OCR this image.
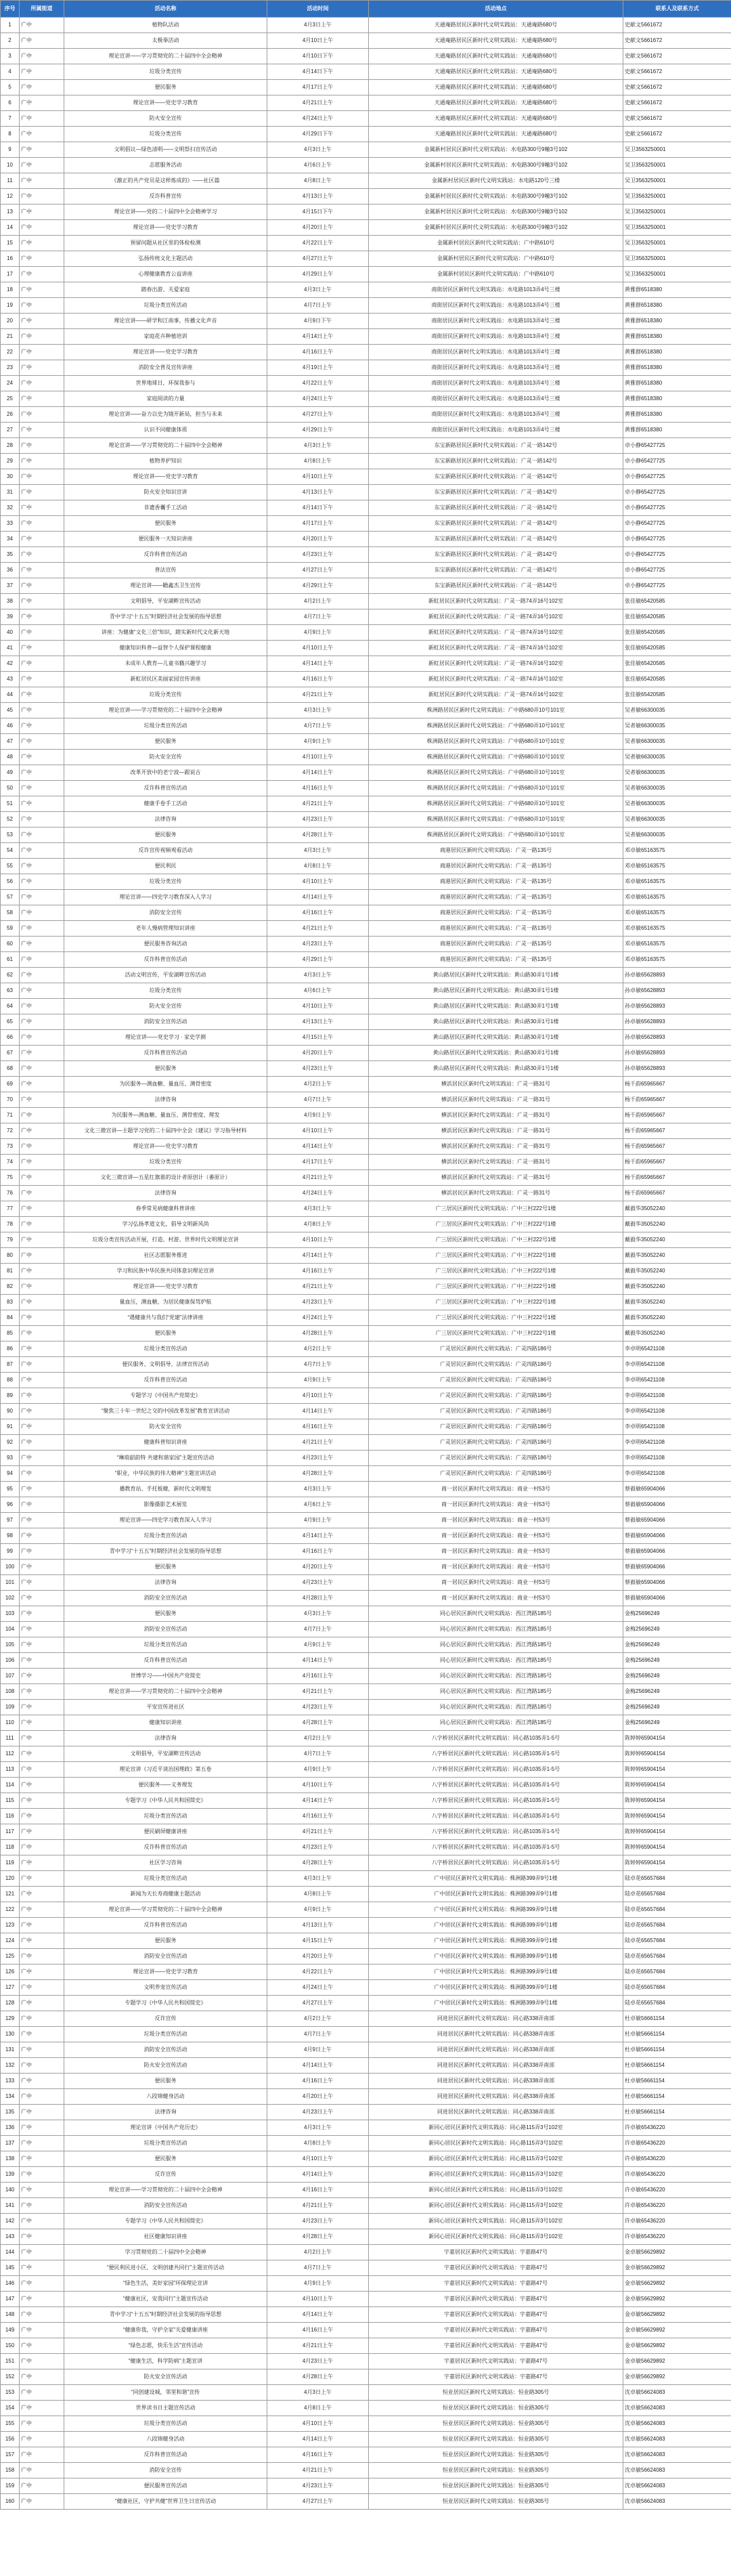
序号	所属街道	活动名称	活动时间	活动地点	联系人及联系方式
1	广中	植物队活动	4月3日上午	天通庵路居民区新时代文明实践站：天通庵路680号	史献文5661672
2	广中	太极拳活动	4月10日上午	天通庵路居民区新时代文明实践站：天通庵路680号	史献文5661672
3	广中	理论宣讲——学习贯彻党的二十届四中全会精神	4月10日下午	天通庵路居民区新时代文明实践站：天通庵路680号	史献文5661672
4	广中	垃圾分类宣传	4月14日下午	天通庵路居民区新时代文明实践站：天通庵路680号	史献文5661672
5	广中	便民服务	4月17日上午	天通庵路居民区新时代文明实践站：天通庵路680号	史献文5661672
6	广中	理论宣讲——党史学习教育	4月21日上午	天通庵路居民区新时代文明实践站：天通庵路680号	史献文5661672
7	广中	防火安全宣传	4月24日上午	天通庵路居民区新时代文明实践站：天通庵路680号	史献文5661672
8	广中	垃圾分类宣传	4月29日下午	天通庵路居民区新时代文明实践站：天通庵路680号	史献文5661672
9	广中	文明倡议—绿色清明——文明祭扫宣传活动	4月3日上午	金属新村居民区新时代文明实践站：水电路300号9幢3号102	吴卫3563250001
10	广中	志愿服务活动	4月6日上午	金属新村居民区新时代文明实践站：水电路300号9幢3号102	吴卫3563250001
11	广中	《激正的共产党员是这样炼成的》——社区篇	4月8日上午	金属新村居民区新时代文明实践站：水电路120号三楼	吴卫3563250001
12	广中	反诈科普宣传	4月13日上午	金属新村居民区新时代文明实践站：水电路300号9幢3号102	吴卫3563250001
13	广中	理论宣讲——党的二十届四中全会精神学习	4月15日下午	金属新村居民区新时代文明实践站：水电路300号9幢3号102	吴卫3563250001
14	广中	理论宣讲——党史学习教育	4月20日上午	金属新村居民区新时代文明实践站：水电路300号9幢3号102	吴卫3563250001
15	广中	预留问题从社区里的体检检测	4月22日上午	金属新村居民区新时代文明实践站：广中路610号	吴卫3563250001
16	广中	弘扬传统文化主题活动	4月27日上午	金属新村居民区新时代文明实践站：广中路610号	吴卫3563250001
17	广中	心理健康教育公益讲座	4月29日上午	金属新村居民区新时代文明实践站：广中路610号	吴卫3563250001
18	广中	踏春出游、关爱家庭	4月3日上午	商街居民区新时代文明实践站：水电路1013弄4号三楼	黄雅群6518380
19	广中	垃圾分类宣传活动	4月7日上午	商街居民区新时代文明实践站：水电路1013弄4号三楼	黄雅群6518380
20	广中	理论宣讲——研学和江南事，传播文化声音	4月9日下午	商街居民区新时代文明实践站：水电路1013弄4号三楼	黄雅群6518380
21	广中	家庭花卉种植培训	4月14日上午	商街居民区新时代文明实践站：水电路1013弄4号三楼	黄雅群6518380
22	广中	理论宣讲——党史学习教育	4月16日上午	商街居民区新时代文明实践站：水电路1013弄4号三楼	黄雅群6518380
23	广中	消防安全普及宣传讲座	4月19日上午	商街居民区新时代文明实践站：水电路1013弄4号三楼	黄雅群6518380
24	广中	世界地球日，环保我参与	4月22日上午	商街居民区新时代文明实践站：水电路1013弄4号三楼	黄雅群6518380
25	广中	家庭阅读的力量	4月24日上午	商街居民区新时代文明实践站：水电路1013弄4号三楼	黄雅群6518380
26	广中	理论宣讲——奋力以史为镜开新局，担当与未来	4月27日上午	商街居民区新时代文明实践站：水电路1013弄4号三楼	黄雅群6518380
27	广中	认识不同健康体质	4月29日上午	商街居民区新时代文明实践站：水电路1013弄4号三楼	黄雅群6518380
28	广中	理论宣讲——学习贯彻党的二十届四中全会精神	4月3日上午	东宝新路居民区新时代文明实践站：广灵一路142号	卓小静65427725
29	广中	植物养护知识	4月8日上午	东宝新路居民区新时代文明实践站：广灵一路142号	卓小静65427725
30	广中	理论宣讲——党史学习教育	4月10日上午	东宝新路居民区新时代文明实践站：广灵一路142号	卓小静65427725
31	广中	防火安全知识宣讲	4月13日上午	东宝新路居民区新时代文明实践站：广灵一路142号	卓小静65427725
32	广中	非遗香囊手工活动	4月14日下午	东宝新路居民区新时代文明实践站：广灵一路142号	卓小静65427725
33	广中	便民服务	4月17日上午	东宝新路居民区新时代文明实践站：广灵一路142号	卓小静65427725
34	广中	便民服务一天知识讲座	4月20日上午	东宝新路居民区新时代文明实践站：广灵一路142号	卓小静65427725
35	广中	反诈科普宣传活动	4月23日上午	东宝新路居民区新时代文明实践站：广灵一路142号	卓小静65427725
36	广中	普法宣传	4月27日上午	东宝新路居民区新时代文明实践站：广灵一路142号	卓小静65427725
37	广中	理论宣讲——瞻鑫杰卫生宣传	4月29日上午	东宝新路居民区新时代文明实践站：广灵一路142号	卓小静65427725
38	广中	文明倡导，平安湖畔宣传活动	4月2日上午	新虹居民区新时代文明实践站：广灵一路74弄16号102室	张佳敏65420585
39	广中	青中学习“十五五”时期经济社会发展的指导思想	4月7日上午	新虹居民区新时代文明实践站：广灵一路74弄16号102室	张佳敏65420585
40	广中	讲座：为健康“文化三倍”知识，踏实新时代文化新天地	4月9日上午	新虹居民区新时代文明实践站：广灵一路74弄16号102室	张佳敏65420585
41	广中	健康知识科普—益智个人保护课程健康	4月10日上午	新虹居民区新时代文明实践站：广灵一路74弄16号102室	张佳敏65420585
42	广中	未成年人教育—儿童书籍兴趣学习	4月14日上午	新虹居民区新时代文明实践站：广灵一路74弄16号102室	张佳敏65420585
43	广中	新虹居民区美丽家园宣传讲座	4月16日上午	新虹居民区新时代文明实践站：广灵一路74弄16号102室	张佳敏65420585
44	广中	垃圾分类宣传	4月21日上午	新虹居民区新时代文明实践站：广灵一路74弄16号102室	张佳敏65420585
45	广中	理论宣讲——学习贯彻党的二十届四中全会精神	4月3日上午	株洲路居民区新时代文明实践站：广中路680弄10号101室	吴者敏66300035
46	广中	垃圾分类宣传活动	4月7日上午	株洲路居民区新时代文明实践站：广中路680弄10号101室	吴者敏66300035
47	广中	便民服务	4月9日上午	株洲路居民区新时代文明实践站：广中路680弄10号101室	吴者敏66300035
48	广中	防火安全宣传	4月10日上午	株洲路居民区新时代文明实践站：广中路680弄10号101室	吴者敏66300035
49	广中	改革开放中的老宁波—跟说古	4月14日上午	株洲路居民区新时代文明实践站：广中路680弄10号101室	吴者敏66300035
50	广中	反诈科普宣传活动	4月16日上午	株洲路居民区新时代文明实践站：广中路680弄10号101室	吴者敏66300035
51	广中	健康手卷手工活动	4月21日上午	株洲路居民区新时代文明实践站：广中路680弄10号101室	吴者敏66300035
52	广中	法律咨询	4月23日上午	株洲路居民区新时代文明实践站：广中路680弄10号101室	吴者敏66300035
53	广中	便民服务	4月28日上午	株洲路居民区新时代文明实践站：广中路680弄10号101室	吴者敏66300035
54	广中	反诈宣传视频观看活动	4月3日上午	商港居民区新时代文明实践站：广灵一路135号	邓卓敏65163575
55	广中	便民利民	4月8日上午	商港居民区新时代文明实践站：广灵一路135号	邓卓敏65163575
56	广中	垃圾分类宣传	4月10日上午	商港居民区新时代文明实践站：广灵一路135号	邓卓敏65163575
57	广中	理论宣讲——四史学习教育深入人学习	4月14日上午	商港居民区新时代文明实践站：广灵一路135号	邓卓敏65163575
58	广中	消防安全宣传	4月16日上午	商港居民区新时代文明实践站：广灵一路135号	邓卓敏65163575
59	广中	老年人慢病管理知识讲座	4月21日上午	商港居民区新时代文明实践站：广灵一路135号	邓卓敏65163575
60	广中	便民服务咨询活动	4月23日上午	商港居民区新时代文明实践站：广灵一路135号	邓卓敏65163575
61	广中	反诈科普宣传活动	4月29日上午	商港居民区新时代文明实践站：广灵一路135号	邓卓敏65163575
62	广中	活动文明宣传，平安湖畔宣传活动	4月3日上午	黄山路居民区新时代文明实践站：黄山路30弄1号1楼	孙卓敏65628893
63	广中	垃圾分类宣传	4月6日上午	黄山路居民区新时代文明实践站：黄山路30弄1号1楼	孙卓敏65628893
64	广中	防火安全宣传	4月10日上午	黄山路居民区新时代文明实践站：黄山路30弄1号1楼	孙卓敏65628893
65	广中	消防安全宣传活动	4月13日上午	黄山路居民区新时代文明实践站：黄山路30弄1号1楼	孙卓敏65628893
66	广中	理论宣讲——党史学习 · 家史学测	4月15日上午	黄山路居民区新时代文明实践站：黄山路30弄1号1楼	孙卓敏65628893
67	广中	反诈科普宣传活动	4月20日上午	黄山路居民区新时代文明实践站：黄山路30弄1号1楼	孙卓敏65628893
68	广中	便民服务	4月23日上午	黄山路居民区新时代文明实践站：黄山路30弄1号1楼	孙卓敏65628893
69	广中	为民服务—测血糖、量血压、测骨密度	4月2日上午	横浜居民区新时代文明实践站：广灵一路31号	杨千韵65965667
70	广中	法律咨询	4月7日上午	横浜居民区新时代文明实践站：广灵一路31号	杨千韵65965667
71	广中	为民服务—测血糖、量血压、测骨密度、理发	4月9日上午	横浜居民区新时代文明实践站：广灵一路31号	杨千韵65965667
72	广中	文化三微宣讲—主题学习党的二十届四中全会《建议》学习指导材料	4月10日上午	横浜居民区新时代文明实践站：广灵一路31号	杨千韵65965667
73	广中	理论宣讲——党史学习教育	4月14日上午	横浜居民区新时代文明实践站：广灵一路31号	杨千韵65965667
74	广中	垃圾分类宣传	4月17日上午	横浜居民区新时代文明实践站：广灵一路31号	杨千韵65965667
75	广中	文化三微宣讲—五星红旗谁的设计者原创计（番原计）	4月21日上午	横浜居民区新时代文明实践站：广灵一路31号	杨千韵65965667
76	广中	法律咨询	4月24日上午	横浜居民区新时代文明实践站：广灵一路31号	杨千韵65965667
77	广中	春季常见病健康科普讲座	4月3日上午	广三居民区新时代文明实践站：广中三村222号1楼	戴毅华35052240
78	广中	学习弘扬孝道文化，倡导文明新风尚	4月8日上午	广三居民区新时代文明实践站：广中三村222号1楼	戴毅华35052240
79	广中	垃圾分类宣传活动开展，打造、村游、世界时代文明理论宣讲	4月10日上午	广三居民区新时代文明实践站：广中三村222号1楼	戴毅华35052240
80	广中	社区志愿服务推进	4月14日上午	广三居民区新时代文明实践站：广中三村222号1楼	戴毅华35052240
81	广中	学习和民族中华民族共同体意识理论宣讲	4月16日上午	广三居民区新时代文明实践站：广中三村222号1楼	戴毅华35052240
82	广中	理论宣讲——党史学习教育	4月21日上午	广三居民区新时代文明实践站：广中三村222号1楼	戴毅华35052240
83	广中	量血压，测血糖，为居民健康保驾护航	4月23日上午	广三居民区新时代文明实践站：广中三村222号1楼	戴毅华35052240
84	广中	“遇健康共与我们“党建”法律讲座	4月24日上午	广三居民区新时代文明实践站：广中三村222号1楼	戴毅华35052240
85	广中	便民服务	4月28日上午	广三居民区新时代文明实践站：广中三村222号1楼	戴毅华35052240
86	广中	垃圾分类宣传活动	4月2日上午	广灵居民区新时代文明实践站：广灵四路186号	李卓明65421108
87	广中	便民服务、文明倡导、法律宣传活动	4月7日上午	广灵居民区新时代文明实践站：广灵四路186号	李卓明65421108
88	广中	反诈科普宣传活动	4月9日上午	广灵居民区新时代文明实践站：广灵四路186号	李卓明65421108
89	广中	专题学习《中国共产党简史》	4月10日上午	广灵居民区新时代文明实践站：广灵四路186号	李卓明65421108
90	广中	“聚焦三十年一世纪之交的中国改革发展”教育宣讲活动	4月14日上午	广灵居民区新时代文明实践站：广灵四路186号	李卓明65421108
91	广中	防火安全宣传	4月16日上午	广灵居民区新时代文明实践站：广灵四路186号	李卓明65421108
92	广中	健康科普知识讲座	4月21日上午	广灵居民区新时代文明实践站：广灵四路186号	李卓明65421108
93	广中	“琳琅韶韵特 共建和谐家园”主题宣传活动	4月23日上午	广灵居民区新时代文明实践站：广灵四路186号	李卓明65421108
94	广中	“职业，中华民族的伟大精神”主题宣讲活动	4月28日上午	广灵居民区新时代文明实践站：广灵四路186号	李卓明65421108
95	广中	播教育站、手托板健，新时代文明理发	4月3日上午	商一居民区新时代文明实践站：商业一村53号	蔡毅敏65904066
96	广中	影像摄影艺术展览	4月6日上午	商一居民区新时代文明实践站：商业一村53号	蔡毅敏65904066
97	广中	理论宣讲——四史学习教育深入人学习	4月9日上午	商一居民区新时代文明实践站：商业一村53号	蔡毅敏65904066
98	广中	垃圾分类宣传活动	4月14日上午	商一居民区新时代文明实践站：商业一村53号	蔡毅敏65904066
99	广中	青中学习“十五五”时期经济社会发展的指导思想	4月16日上午	商一居民区新时代文明实践站：商业一村53号	蔡毅敏65904066
100	广中	便民服务	4月20日上午	商一居民区新时代文明实践站：商业一村53号	蔡毅敏65904066
101	广中	法律咨询	4月23日上午	商一居民区新时代文明实践站：商业一村53号	蔡毅敏65904066
102	广中	消防安全宣传活动	4月28日上午	商一居民区新时代文明实践站：商业一村53号	蔡毅敏65904066
103	广中	便民服务	4月3日上午	同心居民区新时代文明实践站：西江湾路185号	金梅25696249
104	广中	消防安全宣传活动	4月7日上午	同心居民区新时代文明实践站：西江湾路185号	金梅25696249
105	广中	垃圾分类宣传活动	4月9日上午	同心居民区新时代文明实践站：西江湾路185号	金梅25696249
106	广中	反诈科普宣传活动	4月14日上午	同心居民区新时代文明实践站：西江湾路185号	金梅25696249
107	广中	世博学习——中国共产党简史	4月16日上午	同心居民区新时代文明实践站：西江湾路185号	金梅25696249
108	广中	理论宣讲——学习贯彻党的二十届四中全会精神	4月21日上午	同心居民区新时代文明实践站：西江湾路185号	金梅25696249
109	广中	平安宣传进社区	4月23日上午	同心居民区新时代文明实践站：西江湾路185号	金梅25696249
110	广中	健康知识讲座	4月28日上午	同心居民区新时代文明实践站：西江湾路185号	金梅25696249
111	广中	法律咨询	4月2日上午	八字桥居民区新时代文明实践站：同心路1035弄1-5号	陈婷婷65904154
112	广中	文明倡导，平安湖畔宣传活动	4月7日上午	八字桥居民区新时代文明实践站：同心路1035弄1-5号	陈婷婷65904154
113	广中	理论宣讲《习近平谈治国理政》第五卷	4月9日上午	八字桥居民区新时代文明实践站：同心路1035弄1-5号	陈婷婷65904154
114	广中	便民服务——义务理发	4月10日上午	八字桥居民区新时代文明实践站：同心路1035弄1-5号	陈婷婷65904154
115	广中	专题学习《中华人民共和国简史》	4月14日上午	八字桥居民区新时代文明实践站：同心路1035弄1-5号	陈婷婷65904154
116	广中	垃圾分类宣传活动	4月16日上午	八字桥居民区新时代文明实践站：同心路1035弄1-5号	陈婷婷65904154
117	广中	便民刷屏健康讲座	4月21日上午	八字桥居民区新时代文明实践站：同心路1035弄1-5号	陈婷婷65904154
118	广中	反诈科普宣传活动	4月23日上午	八字桥居民区新时代文明实践站：同心路1035弄1-5号	陈婷婷65904154
119	广中	社区学习咨询	4月28日上午	八字桥居民区新时代文明实践站：同心路1035弄1-5号	陈婷婷65904154
120	广中	垃圾分类宣传活动	4月3日上午	广中居民区新时代文明实践站：株洲路399弄9号1楼	陆卓花65657684
121	广中	新闻为天长寿商健康主题活动	4月8日上午	广中居民区新时代文明实践站：株洲路399弄9号1楼	陆卓花65657684
122	广中	理论宣讲——学习贯彻党的二十届四中全会精神	4月9日上午	广中居民区新时代文明实践站：株洲路399弄9号1楼	陆卓花65657684
123	广中	反诈科普宣传活动	4月13日上午	广中居民区新时代文明实践站：株洲路399弄9号1楼	陆卓花65657684
124	广中	便民服务	4月15日上午	广中居民区新时代文明实践站：株洲路399弄9号1楼	陆卓花65657684
125	广中	消防安全宣传活动	4月20日上午	广中居民区新时代文明实践站：株洲路399弄9号1楼	陆卓花65657684
126	广中	理论宣讲——党史学习教育	4月22日上午	广中居民区新时代文明实践站：株洲路399弄9号1楼	陆卓花65657684
127	广中	文明养宠宣传活动	4月24日上午	广中居民区新时代文明实践站：株洲路399弄9号1楼	陆卓花65657684
128	广中	专题学习《中华人民共和国简史》	4月27日上午	广中居民区新时代文明实践站：株洲路399弄9号1楼	陆卓花65657684
129	广中	反诈宣传	4月2日上午	同进居民区新时代文明实践站：同心路338弄南部	杜卓敏56661154
130	广中	垃圾分类宣传活动	4月7日上午	同进居民区新时代文明实践站：同心路338弄南部	杜卓敏56661154
131	广中	消防安全宣传活动	4月9日上午	同进居民区新时代文明实践站：同心路338弄南部	杜卓敏56661154
132	广中	防火安全宣传活动	4月14日上午	同进居民区新时代文明实践站：同心路338弄南部	杜卓敏56661154
133	广中	便民服务	4月16日上午	同进居民区新时代文明实践站：同心路338弄南部	杜卓敏56661154
134	广中	八段锦健身活动	4月20日上午	同进居民区新时代文明实践站：同心路338弄南部	杜卓敏56661154
135	广中	法律咨询	4月23日上午	同进居民区新时代文明实践站：同心路338弄南部	杜卓敏56661154
136	广中	理论宣讲《中国共产党历史》	4月3日上午	新同心居民区新时代文明实践站：同心路115弄3号102室	许卓敏65436220
137	广中	垃圾分类宣传活动	4月8日上午	新同心居民区新时代文明实践站：同心路115弄3号102室	许卓敏65436220
138	广中	便民服务	4月10日上午	新同心居民区新时代文明实践站：同心路115弄3号102室	许卓敏65436220
139	广中	反诈宣传	4月14日上午	新同心居民区新时代文明实践站：同心路115弄3号102室	许卓敏65436220
140	广中	理论宣讲——学习贯彻党的二十届四中全会精神	4月16日上午	新同心居民区新时代文明实践站：同心路115弄3号102室	许卓敏65436220
141	广中	消防安全宣传活动	4月21日上午	新同心居民区新时代文明实践站：同心路115弄3号102室	许卓敏65436220
142	广中	专题学习《中华人民共和国简史》	4月23日上午	新同心居民区新时代文明实践站：同心路115弄3号102室	许卓敏65436220
143	广中	社区健康知识讲座	4月28日上午	新同心居民区新时代文明实践站：同心路115弄3号102室	许卓敏65436220
144	广中	学习贯彻党的二十届四中全会精神	4月2日上午	宇嘉居民区新时代文明实践站：宇嘉路47号	金卓敏56629892
145	广中	“便民利民进小区，文明创建共同行”主题宣传活动	4月7日上午	宇嘉居民区新时代文明实践站：宇嘉路47号	金卓敏56629892
146	广中	“绿色生活，美好家园”环保理论宣讲	4月9日上午	宇嘉居民区新时代文明实践站：宇嘉路47号	金卓敏56629892
147	广中	“健康社区，安我同行”主题宣传活动	4月10日上午	宇嘉居民区新时代文明实践站：宇嘉路47号	金卓敏56629892
148	广中	青中学习“十五五”时期经济社会发展的指导思想	4月14日上午	宇嘉居民区新时代文明实践站：宇嘉路47号	金卓敏56629892
149	广中	“健康你我，守护全家”关爱健康讲座	4月16日上午	宇嘉居民区新时代文明实践站：宇嘉路47号	金卓敏56629892
150	广中	“绿色志愿，快乐生活”宣传活动	4月21日上午	宇嘉居民区新时代文明实践站：宇嘉路47号	金卓敏56629892
151	广中	“健康生活，科学防病”主题宣讲	4月23日上午	宇嘉居民区新时代文明实践站：宇嘉路47号	金卓敏56629892
152	广中	防火安全宣传活动	4月28日上午	宇嘉居民区新时代文明实践站：宇嘉路47号	金卓敏56629892
153	广中	“同创建设城，邻里和谐”宣传	4月3日上午	恒业居民区新时代文明实践站：恒业路305号	沈卓敏56624083
154	广中	世界读书日主题宣传活动	4月8日上午	恒业居民区新时代文明实践站：恒业路305号	沈卓敏56624083
155	广中	垃圾分类宣传活动	4月10日上午	恒业居民区新时代文明实践站：恒业路305号	沈卓敏56624083
156	广中	八段锦健身活动	4月14日上午	恒业居民区新时代文明实践站：恒业路305号	沈卓敏56624083
157	广中	反诈科普宣传活动	4月16日上午	恒业居民区新时代文明实践站：恒业路305号	沈卓敏56624083
158	广中	消防安全宣传	4月21日上午	恒业居民区新时代文明实践站：恒业路305号	沈卓敏56624083
159	广中	便民服务宣传活动	4月23日上午	恒业居民区新时代文明实践站：恒业路305号	沈卓敏56624083
160	广中	“健康社区，守护共健”世界卫生日宣传活动	4月27日上午	恒业居民区新时代文明实践站：恒业路305号	沈卓敏56624083
